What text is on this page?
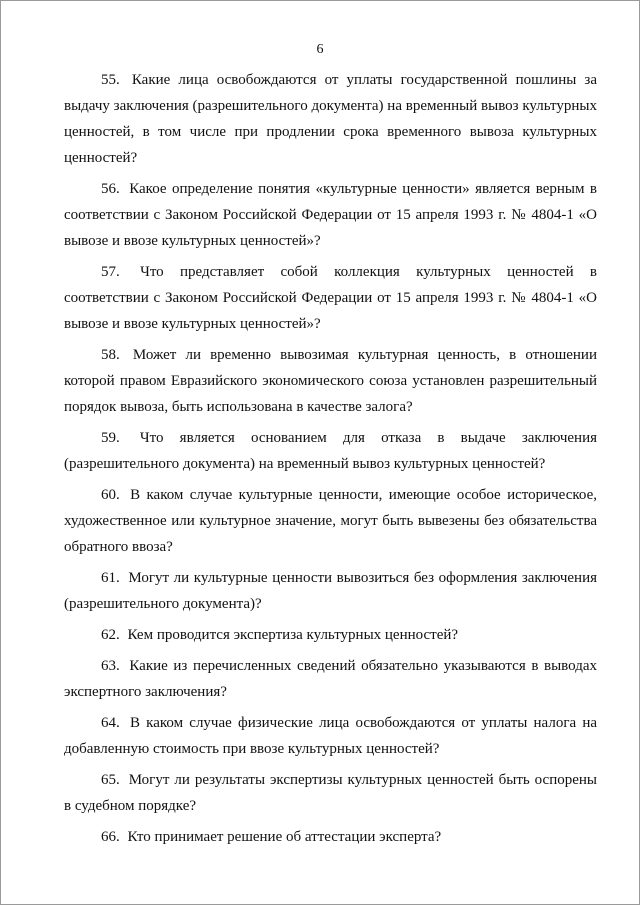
6

55. Какие лица освобождаются от уплаты государственной пошлины за выдачу заключения (разрешительного документа) на временный вывоз культурных ценностей, в том числе при продлении срока временного вывоза культурных ценностей?

56. Какое определение понятия «культурные ценности» является верным в соответствии с Законом Российской Федерации от 15 апреля 1993 г. № 4804-1 «О вывозе и ввозе культурных ценностей»?

57. Что представляет собой коллекция культурных ценностей в соответствии с Законом Российской Федерации от 15 апреля 1993 г. № 4804-1 «О вывозе и ввозе культурных ценностей»?

58. Может ли временно вывозимая культурная ценность, в отношении которой правом Евразийского экономического союза установлен разрешительный порядок вывоза, быть использована в качестве залога?

59. Что является основанием для отказа в выдаче заключения (разрешительного документа) на временный вывоз культурных ценностей?

60. В каком случае культурные ценности, имеющие особое историческое, художественное или культурное значение, могут быть вывезены без обязательства обратного ввоза?

61. Могут ли культурные ценности вывозиться без оформления заключения (разрешительного документа)?

62. Кем проводится экспертиза культурных ценностей?

63. Какие из перечисленных сведений обязательно указываются в выводах экспертного заключения?

64. В каком случае физические лица освобождаются от уплаты налога на добавленную стоимость при ввозе культурных ценностей?

65. Могут ли результаты экспертизы культурных ценностей быть оспорены в судебном порядке?

66. Кто принимает решение об аттестации эксперта?
